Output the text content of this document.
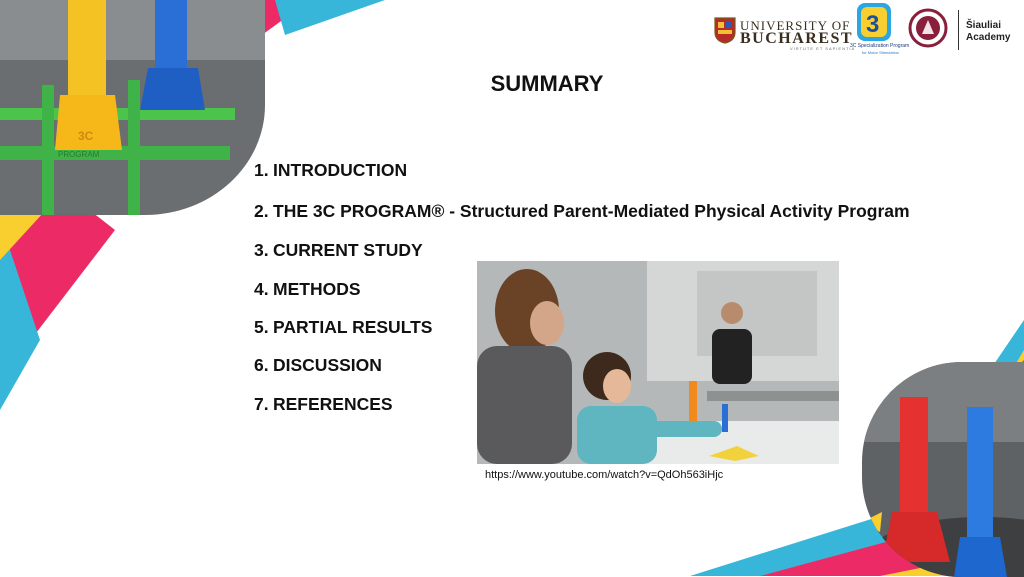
PROGRAM
3C
UNIVERSITY OF
BUCHAREST
VIRTUTE ET SAPIENTIA
3
3C Specialization Program
for Motor Stimulation
Šiauliai
Academy
SUMMARY
1. INTRODUCTION
2. THE 3C PROGRAM® - Structured Parent-Mediated Physical Activity Program
3. CURRENT STUDY
4. METHODS
5. PARTIAL RESULTS
6. DISCUSSION
7. REFERENCES
https://www.youtube.com/watch?v=QdOh563iHjc
